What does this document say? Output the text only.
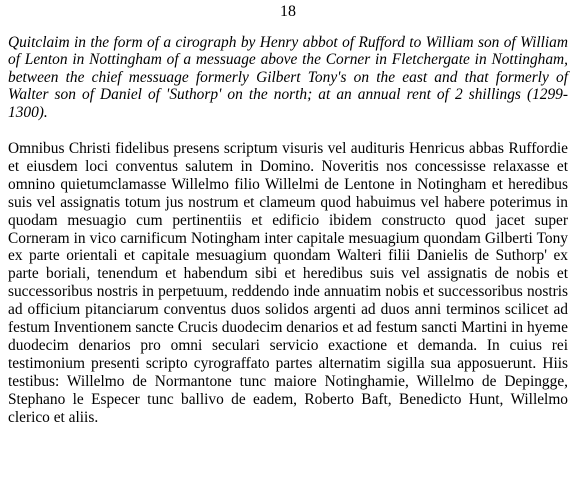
18

Quitclaim in the form of a cirograph by Henry abbot of Rufford to William son of William of Lenton in Nottingham of a messuage above the Corner in Fletchergate in Nottingham, between the chief messuage formerly Gilbert Tony's on the east and that formerly of Walter son of Daniel of 'Suthorp' on the north; at an annual rent of 2 shillings (1299-1300).

Omnibus Christi fidelibus presens scriptum visuris vel audituris Henricus abbas Ruffordie et eiusdem loci conventus salutem in Domino. Noveritis nos concessisse relaxasse et omnino quietumclamasse Willelmo filio Willelmi de Lentone in Notingham et heredibus suis vel assignatis totum jus nostrum et clameum quod habuimus vel habere poterimus in quodam mesuagio cum pertinentiis et edificio ibidem constructo quod jacet super Corneram in vico carnificum Notingham inter capitale mesuagium quondam Gilberti Tony ex parte orientali et capitale mesuagium quondam Walteri filii Danielis de Suthorp' ex parte boriali, tenendum et habendum sibi et heredibus suis vel assignatis de nobis et successoribus nostris in perpetuum, reddendo inde annuatim nobis et successoribus nostris ad officium pitanciarum conventus duos solidos argenti ad duos anni terminos scilicet ad festum Inventionem sancte Crucis duodecim denarios et ad festum sancti Martini in hyeme duodecim denarios pro omni seculari servicio exactione et demanda. In cuius rei testimonium presenti scripto cyrograffato partes alternatim sigilla sua apposuerunt. Hiis testibus: Willelmo de Normantone tunc maiore Notinghamie, Willelmo de Depingge, Stephano le Especer tunc ballivo de eadem, Roberto Baft, Benedicto Hunt, Willelmo clerico et aliis.
